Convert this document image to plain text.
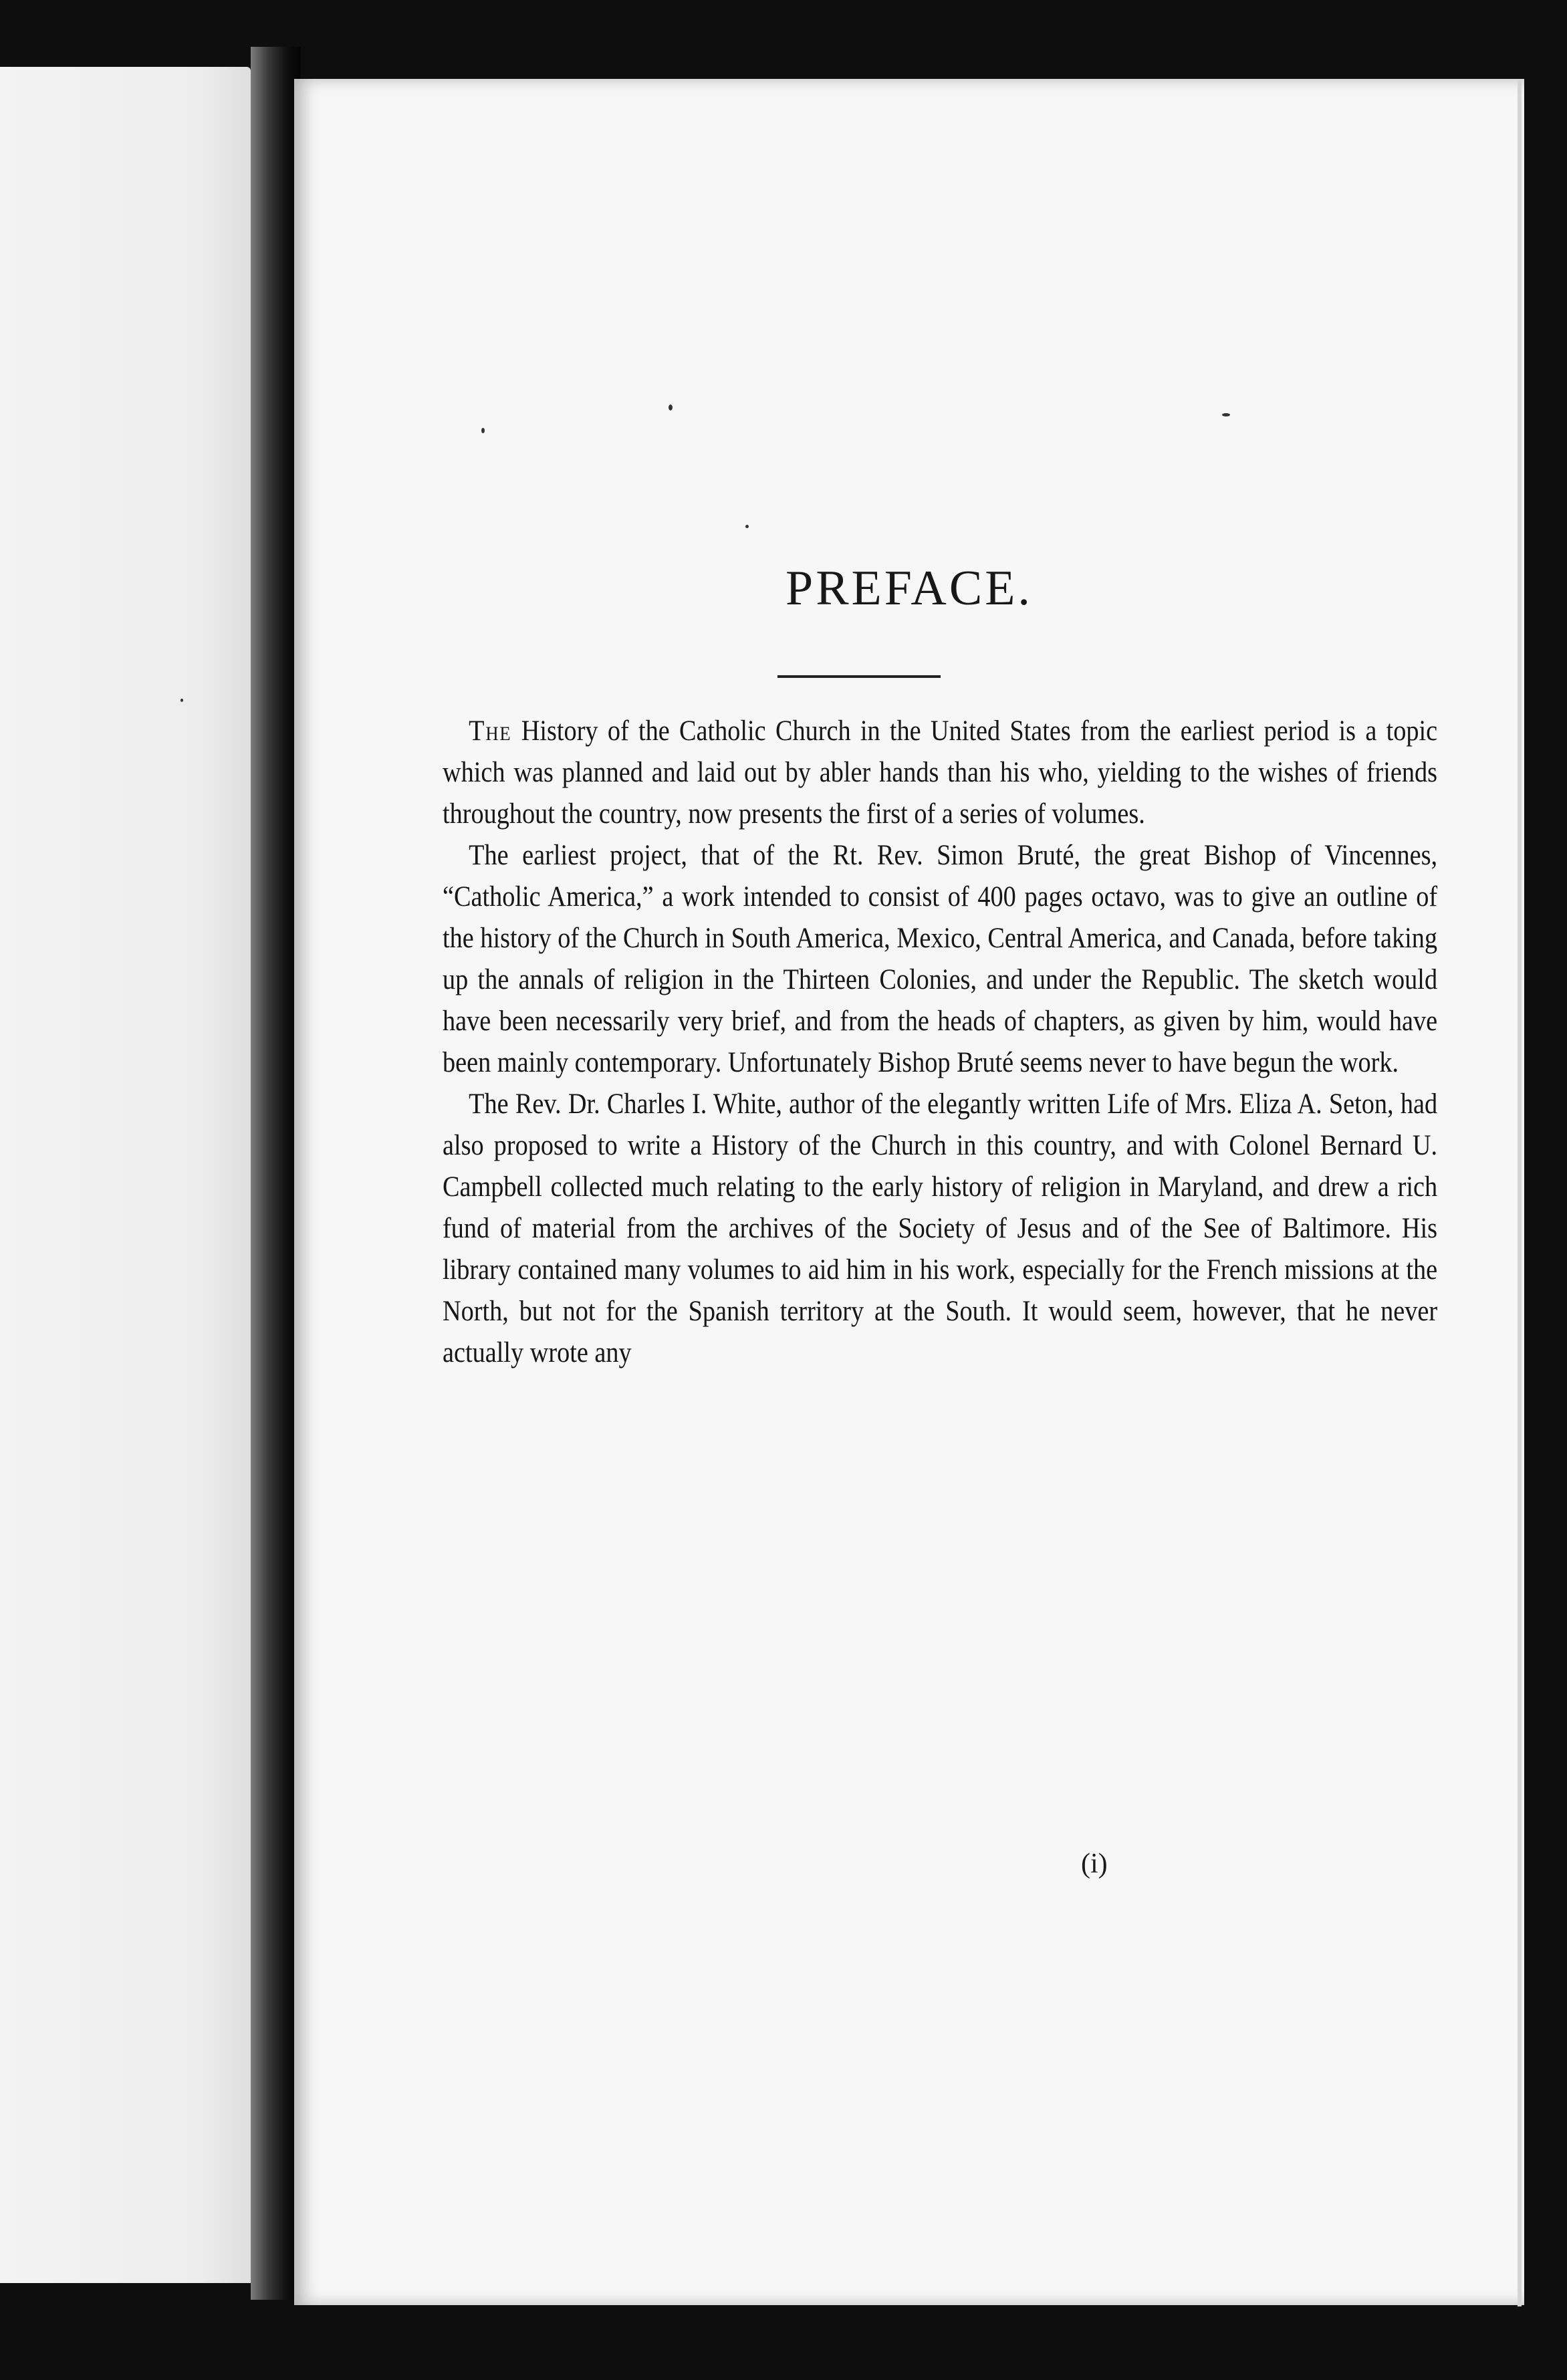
PREFACE.

The History of the Catholic Church in the United States from the earliest period is a topic which was planned and laid out by abler hands than his who, yielding to the wishes of friends throughout the country, now presents the first of a series of volumes.

The earliest project, that of the Rt. Rev. Simon Bruté, the great Bishop of Vincennes, “Catholic America,” a work intended to consist of 400 pages octavo, was to give an outline of the history of the Church in South America, Mexico, Central America, and Canada, before taking up the annals of religion in the Thirteen Colonies, and under the Republic. The sketch would have been necessarily very brief, and from the heads of chapters, as given by him, would have been mainly contemporary. Unfortunately Bishop Bruté seems never to have begun the work.

The Rev. Dr. Charles I. White, author of the elegantly written Life of Mrs. Eliza A. Seton, had also proposed to write a History of the Church in this country, and with Colonel Bernard U. Campbell collected much relating to the early history of religion in Maryland, and drew a rich fund of material from the archives of the Society of Jesus and of the See of Baltimore. His library contained many volumes to aid him in his work, especially for the French missions at the North, but not for the Spanish territory at the South. It would seem, however, that he never actually wrote any

(i)
